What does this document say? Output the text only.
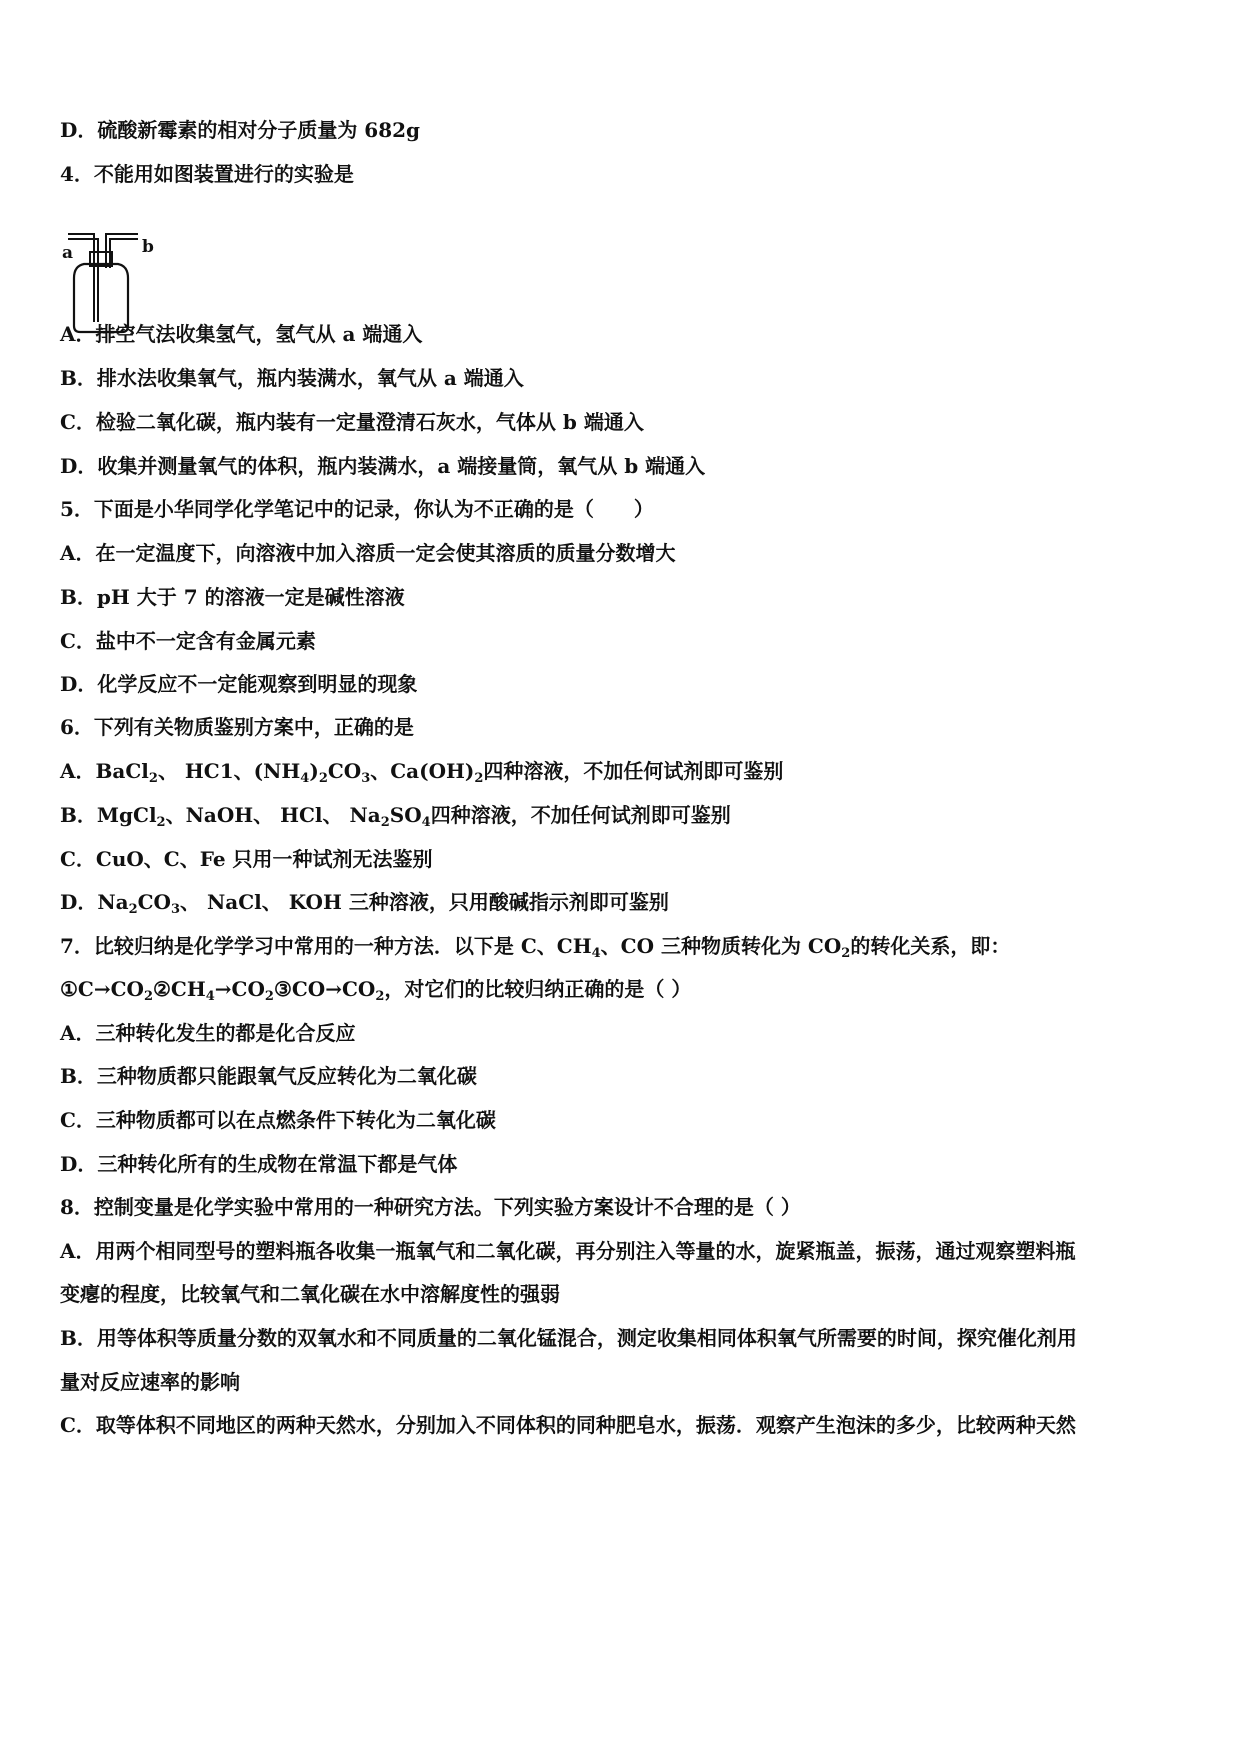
D．硫酸新霉素的相对分子质量为 682g
4．不能用如图装置进行的实验是
a	b
A．排空气法收集氢气，氢气从 a 端通入
B．排水法收集氧气，瓶内装满水，氧气从 a 端通入
C．检验二氧化碳，瓶内装有一定量澄清石灰水，气体从 b 端通入
D．收集并测量氧气的体积，瓶内装满水，a 端接量筒，氧气从 b 端通入
5．下面是小华同学化学笔记中的记录，你认为不正确的是（　　）
A．在一定温度下，向溶液中加入溶质一定会使其溶质的质量分数增大
B．pH 大于 7 的溶液一定是碱性溶液
C．盐中不一定含有金属元素
D．化学反应不一定能观察到明显的现象
6．下列有关物质鉴别方案中，正确的是
A．BaCl$_2$、 HC1、$(NH_4)_2CO_3$、$Ca(OH)_2$四种溶液，不加任何试剂即可鉴别
B．MgCl$_2$、NaOH、 HCl、 $Na_2SO_4$四种溶液，不加任何试剂即可鉴别
C．CuO、C、Fe 只用一种试剂无法鉴别
D．$Na_2CO_3$、 NaCl、 KOH 三种溶液，只用酸碱指示剂即可鉴别
7．比较归纳是化学学习中常用的一种方法．以下是 C、$CH_4$、CO 三种物质转化为 $CO_2$的转化关系，即：
$①C\to CO_2②CH_4\to CO_2③CO\to CO_2$，对它们的比较归纳正确的是（ ）
A．三种转化发生的都是化合反应
B．三种物质都只能跟氧气反应转化为二氧化碳
C．三种物质都可以在点燃条件下转化为二氧化碳
D．三种转化所有的生成物在常温下都是气体
8．控制变量是化学实验中常用的一种研究方法。下列实验方案设计不合理的是（ ）
A．用两个相同型号的塑料瓶各收集一瓶氧气和二氧化碳，再分别注入等量的水，旋紧瓶盖，振荡，通过观察塑料瓶
变瘪的程度，比较氧气和二氧化碳在水中溶解度性的强弱
B．用等体积等质量分数的双氧水和不同质量的二氧化锰混合，测定收集相同体积氧气所需要的时间，探究催化剂用
量对反应速率的影响
C．取等体积不同地区的两种天然水，分别加入不同体积的同种肥皂水，振荡．观察产生泡沫的多少，比较两种天然
